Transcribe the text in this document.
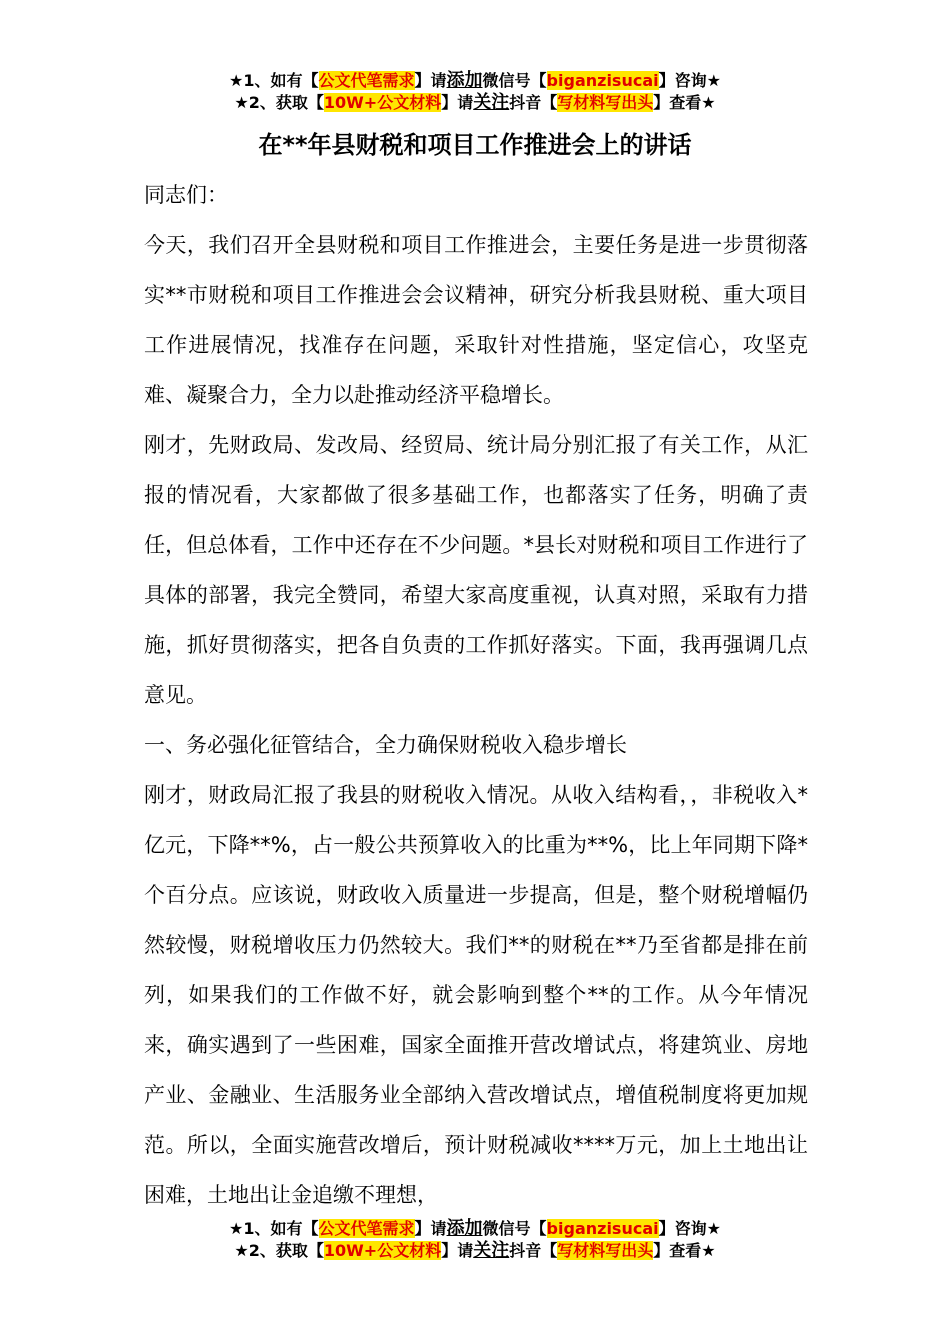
★1、如有【公文代笔需求】请添加微信号【biganzisucai】咨询★
★2、获取【10W+公文材料】请关注抖音【写材料写出头】查看★
在**年县财税和项目工作推进会上的讲话

同志们：

今天，我们召开全县财税和项目工作推进会，主要任务是进一步贯彻落实**市财税和项目工作推进会会议精神，研究分析我县财税、重大项目工作进展情况，找准存在问题，采取针对性措施，坚定信心，攻坚克难、凝聚合力，全力以赴推动经济平稳增长。

刚才，先财政局、发改局、经贸局、统计局分别汇报了有关工作，从汇报的情况看，大家都做了很多基础工作，也都落实了任务，明确了责任，但总体看，工作中还存在不少问题。*县长对财税和项目工作进行了具体的部署，我完全赞同，希望大家高度重视，认真对照，采取有力措施，抓好贯彻落实，把各自负责的工作抓好落实。下面，我再强调几点意见。

一、务必强化征管结合，全力确保财税收入稳步增长

刚才，财政局汇报了我县的财税收入情况。从收入结构看，，非税收入*亿元，下降**%，占一般公共预算收入的比重为**%，比上年同期下降*个百分点。应该说，财政收入质量进一步提高，但是，整个财税增幅仍然较慢，财税增收压力仍然较大。我们**的财税在**乃至省都是排在前列，如果我们的工作做不好，就会影响到整个**的工作。从今年情况来，确实遇到了一些困难，国家全面推开营改增试点，将建筑业、房地产业、金融业、生活服务业全部纳入营改增试点，增值税制度将更加规范。所以，全面实施营改增后，预计财税减收****万元，加上土地出让困难，土地出让金追缴不理想，

★1、如有【公文代笔需求】请添加微信号【biganzisucai】咨询★
★2、获取【10W+公文材料】请关注抖音【写材料写出头】查看★
